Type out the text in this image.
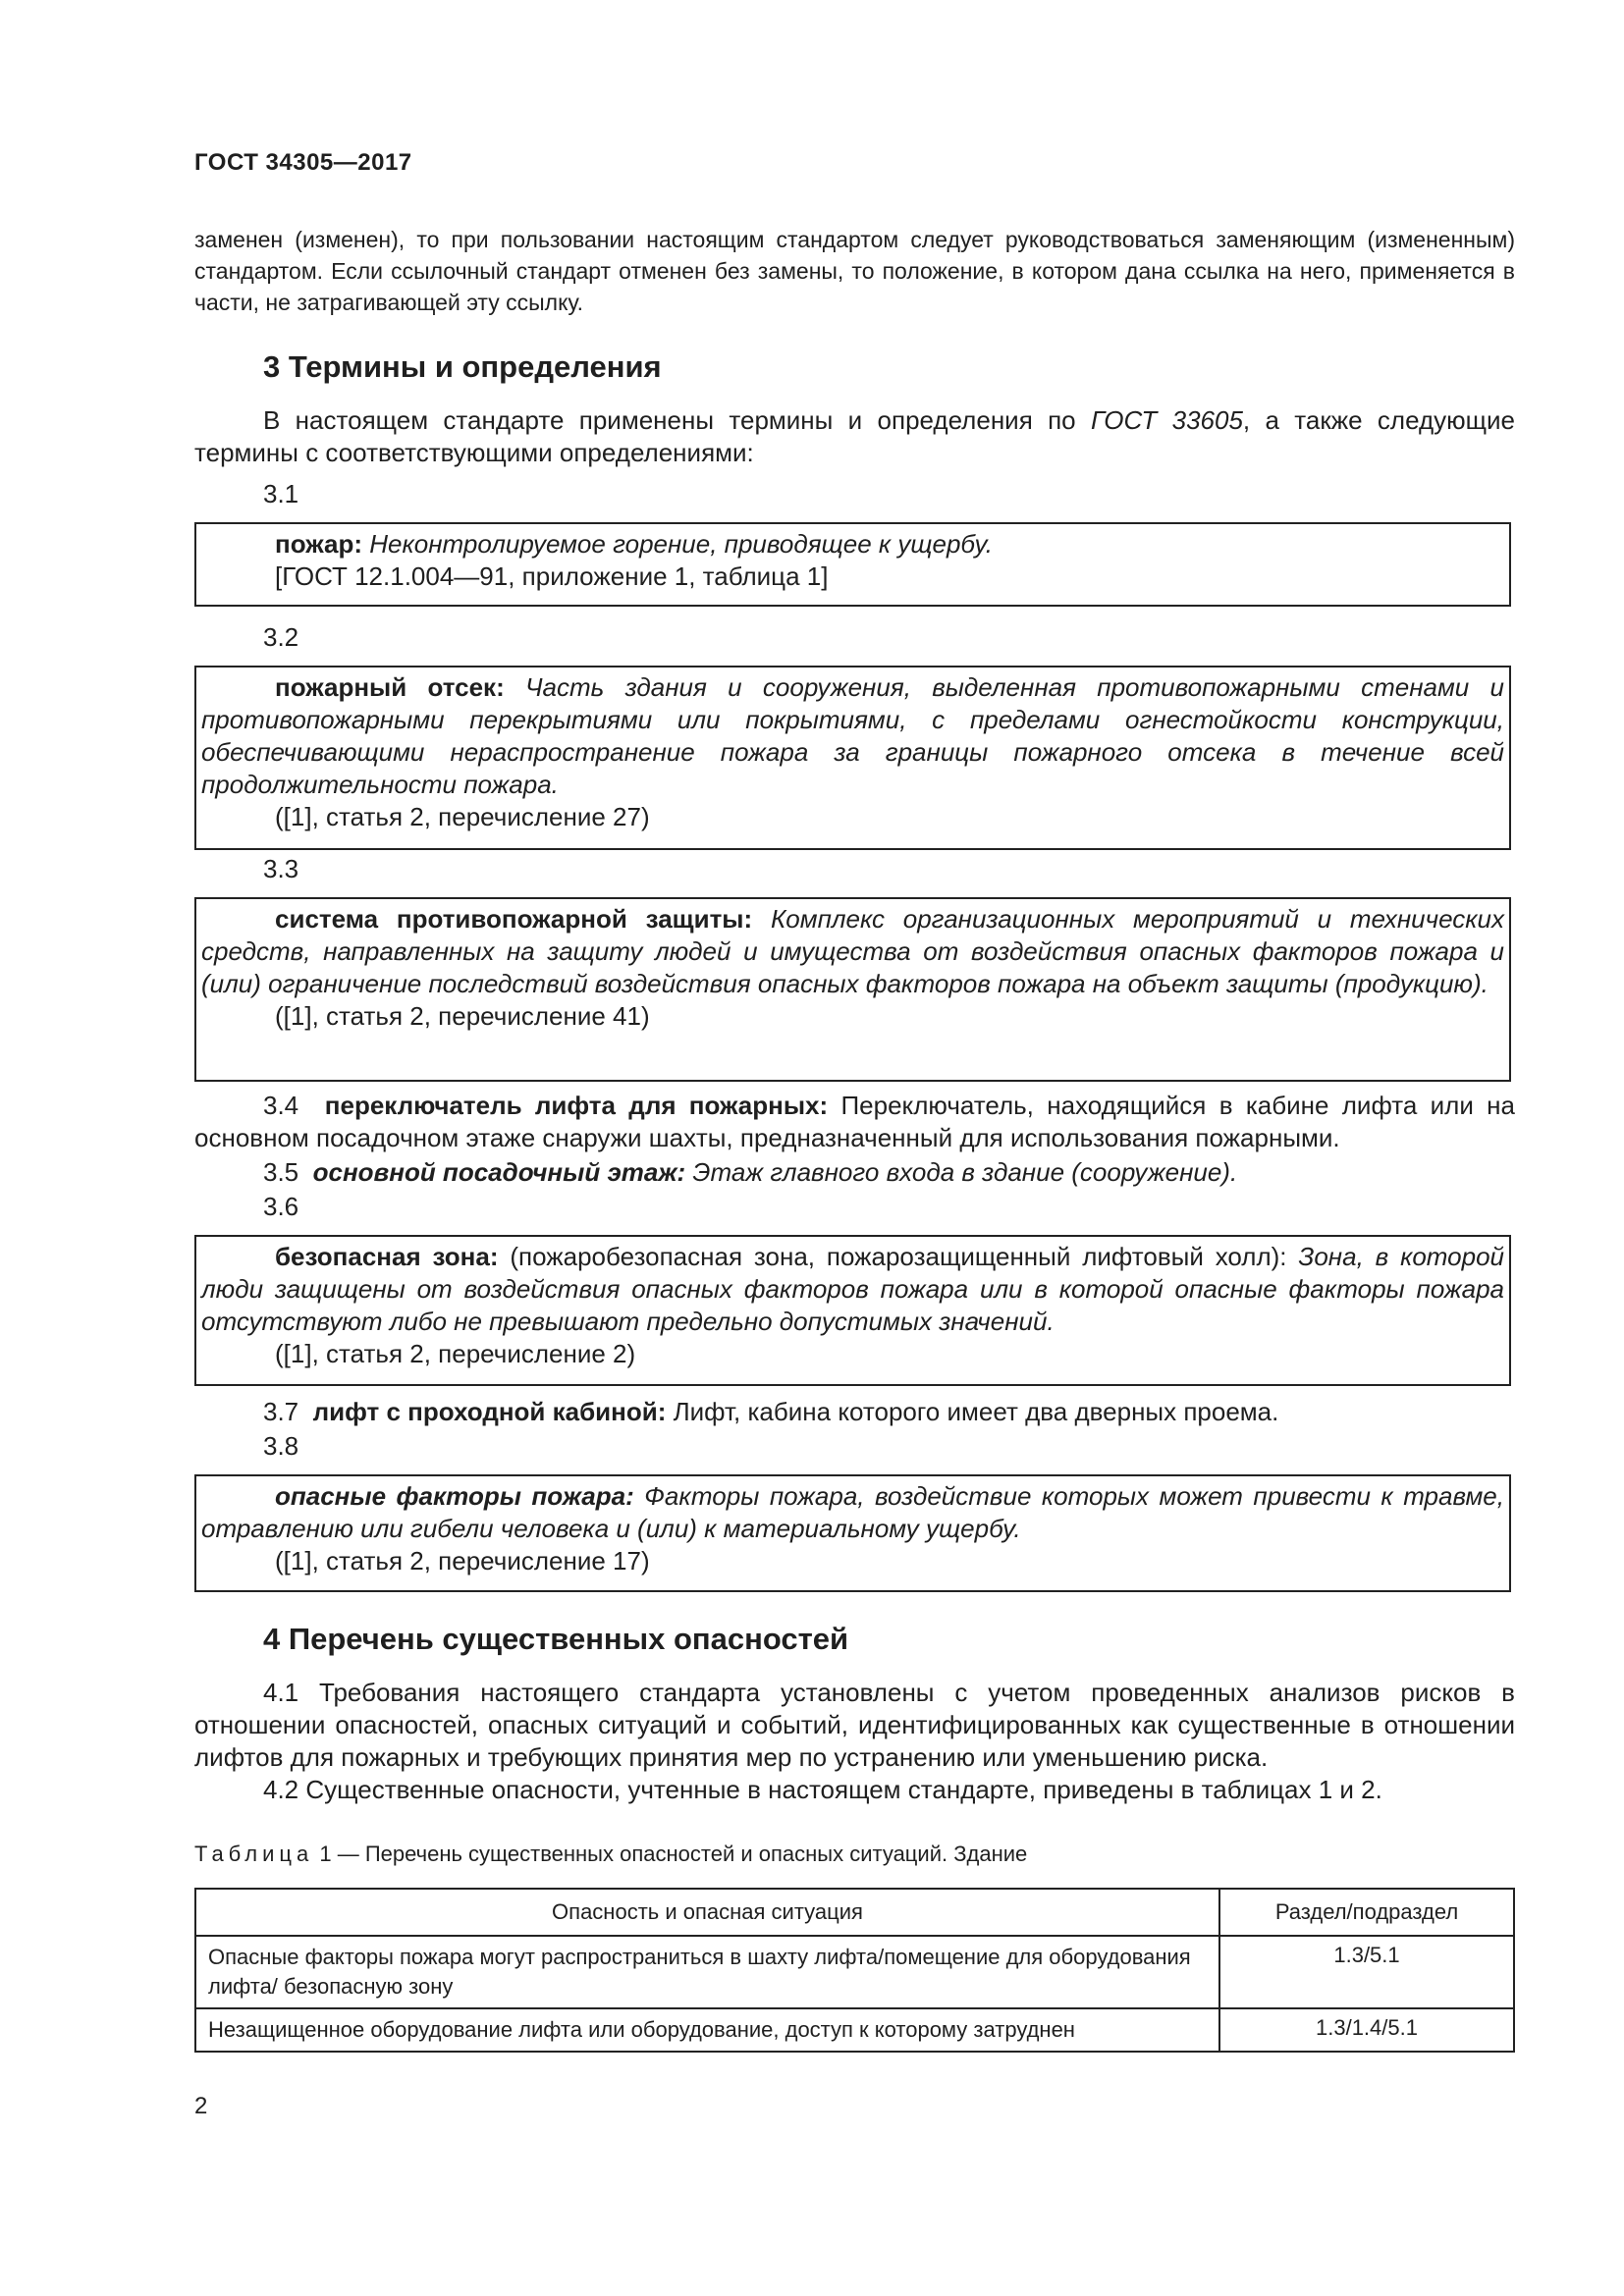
ГОСТ 34305—2017

заменен (изменен), то при пользовании настоящим стандартом следует руководствоваться заменяющим (измененным) стандартом. Если ссылочный стандарт отменен без замены, то положение, в котором дана ссылка на него, применяется в части, не затрагивающей эту ссылку.

3 Термины и определения

В настоящем стандарте применены термины и определения по ГОСТ 33605, а также следующие термины с соответствующими определениями:

3.1

пожар: Неконтролируемое горение, приводящее к ущербу.

[ГОСТ 12.1.004—91, приложение 1, таблица 1]

3.2

пожарный отсек: Часть здания и сооружения, выделенная противопожарными стенами и противопожарными перекрытиями или покрытиями, с пределами огнестойкости конструкции, обеспечивающими нераспространение пожара за границы пожарного отсека в течение всей продолжительности пожара.

([1], статья 2, перечисление 27)

3.3

система противопожарной защиты: Комплекс организационных мероприятий и технических средств, направленных на защиту людей и имущества от воздействия опасных факторов пожара и (или) ограничение последствий воздействия опасных факторов пожара на объект защиты (продукцию).

([1], статья 2, перечисление 41)

3.4 переключатель лифта для пожарных: Переключатель, находящийся в кабине лифта или на основном посадочном этаже снаружи шахты, предназначенный для использования пожарными.

3.5 основной посадочный этаж: Этаж главного входа в здание (сооружение).

3.6

безопасная зона: (пожаробезопасная зона, пожарозащищенный лифтовый холл): Зона, в которой люди защищены от воздействия опасных факторов пожара или в которой опасные факторы пожара отсутствуют либо не превышают предельно допустимых значений.

([1], статья 2, перечисление 2)

3.7 лифт с проходной кабиной: Лифт, кабина которого имеет два дверных проема.

3.8

опасные факторы пожара: Факторы пожара, воздействие которых может привести к травме, отравлению или гибели человека и (или) к материальному ущербу.

([1], статья 2, перечисление 17)

4 Перечень существенных опасностей

4.1 Требования настоящего стандарта установлены с учетом проведенных анализов рисков в отношении опасностей, опасных ситуаций и событий, идентифицированных как существенные в отношении лифтов для пожарных и требующих принятия мер по устранению или уменьшению риска.

4.2 Существенные опасности, учтенные в настоящем стандарте, приведены в таблицах 1 и 2.

Таблица 1 — Перечень существенных опасностей и опасных ситуаций. Здание
Опасность и опасная ситуация	Раздел/подраздел
Опасные факторы пожара могут распространиться в шахту лифта/помещение для оборудования лифта/ безопасную зону	1.3/5.1
Незащищенное оборудование лифта или оборудование, доступ к которому затруднен	1.3/1.4/5.1
2
